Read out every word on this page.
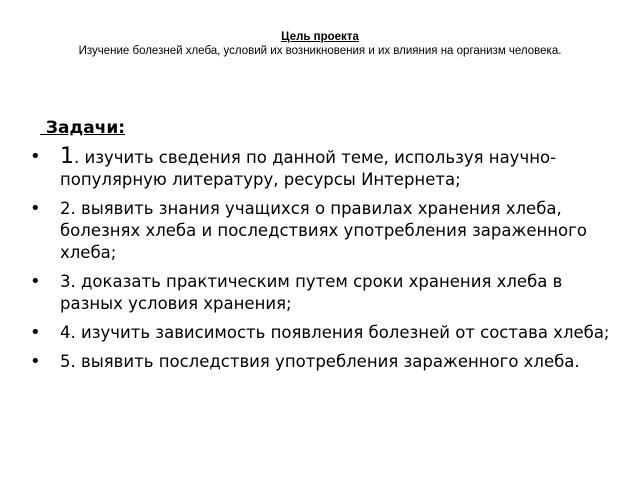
Цель проекта
Изучение болезней хлеба, условий их возникновения и их влияния на организм человека.
Задачи:
• 1. изучить сведения по данной теме, используя научно-популярную литературу, ресурсы Интернета;
• 2. выявить знания учащихся о правилах хранения хлеба, болезнях хлеба и последствиях употребления зараженного хлеба;
• 3. доказать практическим путем сроки хранения хлеба в разных условия хранения;
• 4. изучить зависимость появления болезней от состава хлеба;
• 5. выявить последствия употребления зараженного хлеба.
